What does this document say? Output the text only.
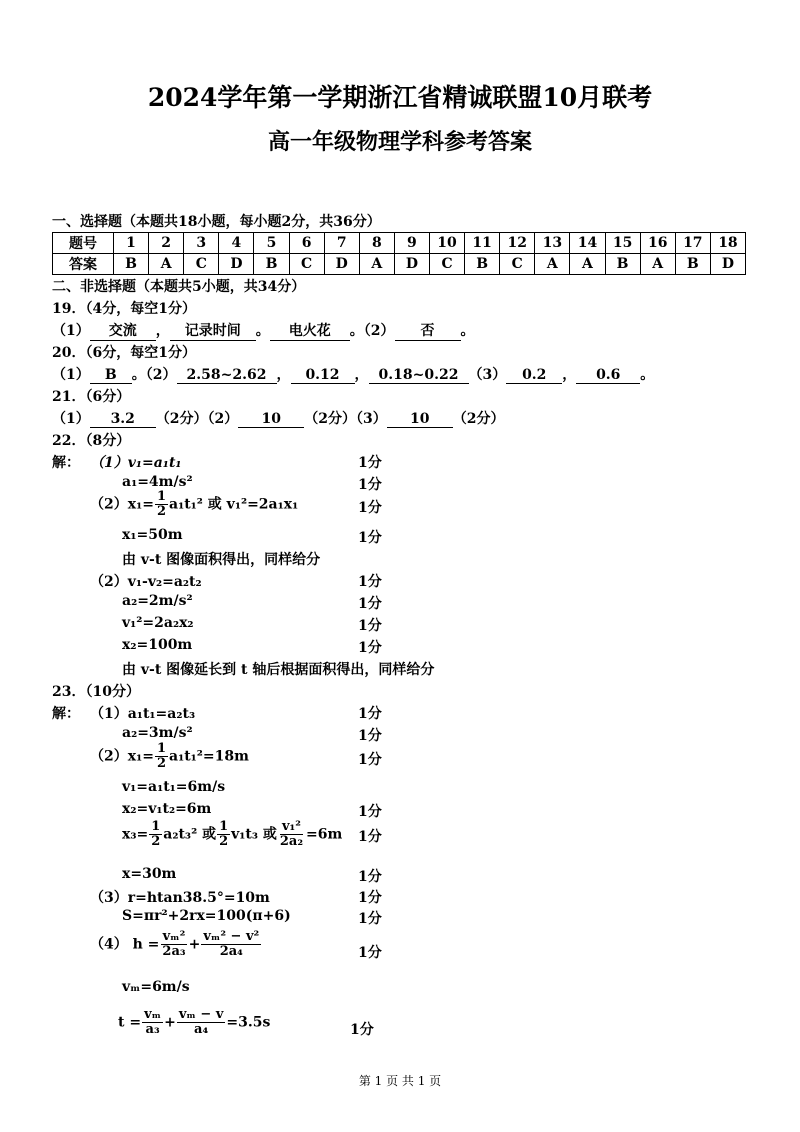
2024学年第一学期浙江省精诚联盟10月联考
高一年级物理学科参考答案
一、选择题（本题共18小题，每小题2分，共36分）
题号	1	2	3	4	5	6	7	8	9	10	11	12	13	14	15	16	17	18
答案	B	A	C	D	B	C	D	A	D	C	B	C	A	A	B	A	B	D
二、非选择题（本题共5小题，共34分）
19．（4分，每空1分）
（1） 交流 ， 记录时间 。 电火花 。（2） 否 。
20．（6分，每空1分）
（1） B 。（2） 2.58~2.62 ， 0.12 ， 0.18~0.22 （3） 0.2 ， 0.6 。
21．（6分）
（1） 3.2 （2分）（2） 10 （2分）（3） 10 （2分）
22．（8分）
解： （1）v₁=a₁t₁	1分
a₁=4m/s²	1分
$(2)x_1= \frac{1}{2} a_1t_1^2$ 或 v₁²=2a₁x₁	1分
x₁=50m	1分
由 v-t 图像面积得出，同样给分
（2）v₁-v₂=a₂t₂	1分
a₂=2m/s²	1分
v₁²=2a₂x₂	1分
x₂=100m	1分
由 v-t 图像延长到 t 轴后根据面积得出，同样给分
23．（10分）
解： （1）a₁t₁=a₂t₃	1分
a₂=3m/s²	1分
$(2)x_1= \frac{1}{2} a_1t_1^2=18m$	1分
v₁=a₁t₁=6m/s
x₂=v₁t₂=6m	1分
$x_3= \frac{1}{2} a_2t_3^2$ 或 $\frac{1}{2} v_1t_3$ 或 $\frac{\text{v₁²}}{\text{2a₂}} =6m$ 1分
x=30m	1分
（3）r=htan38.5°=10m	1分
S=πr²+2rx=100(π+6)	1分
（4） $h = \frac{\text{vₘ²}}{\text{2a₃}} + \frac{\text{vₘ² − v²}}{\text{2a₄}}$	1分
vₘ=6m/s
$t = \frac{\text{vₘ}}{\text{a₃}} + \frac{\text{vₘ − v}}{\text{a₄}} =3.5s$	1分
第 1 页 共 1 页
